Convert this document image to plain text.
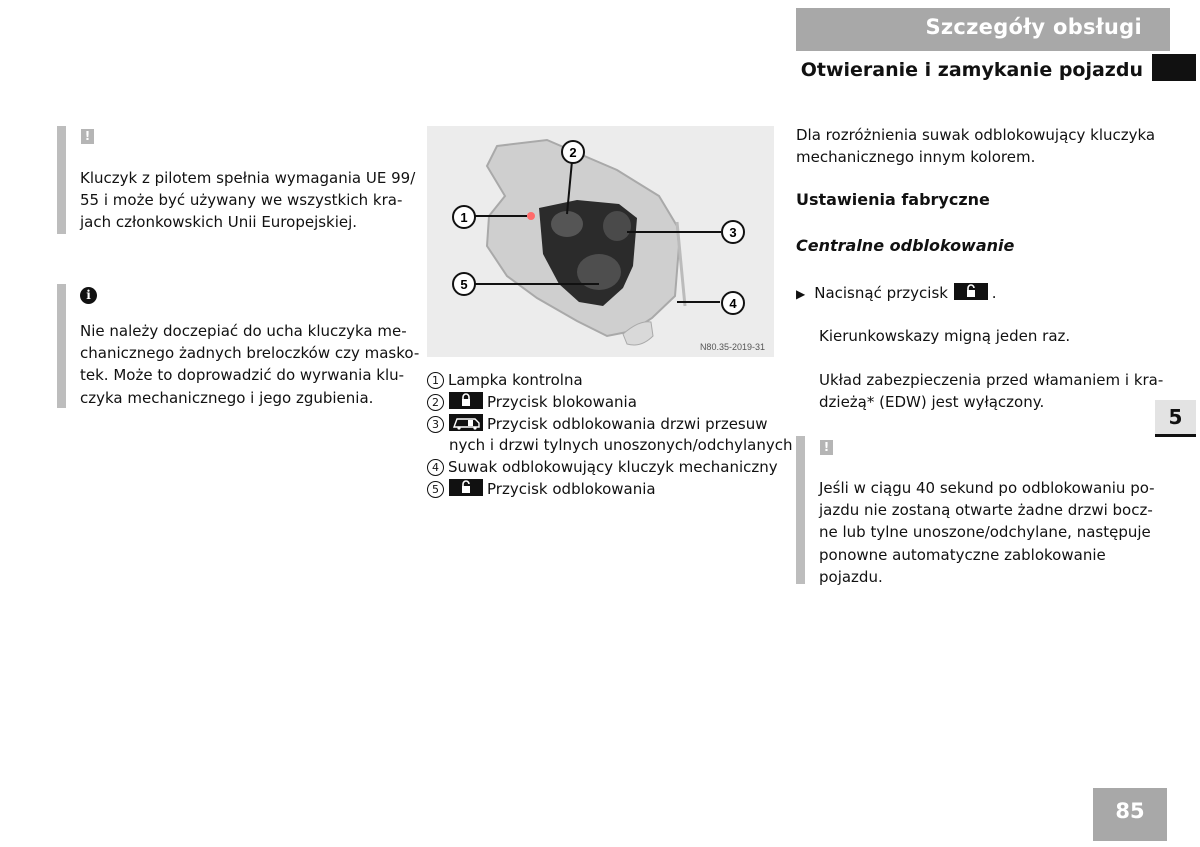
Szczegóły obsługi
Otwieranie i zamykanie pojazdu
!
Kluczyk z pilotem spełnia wymagania UE 99/
55 i może być używany we wszystkich kra-
jach członkowskich Unii Europejskiej.
i
Nie należy doczepiać do ucha kluczyka me-
chanicznego żadnych breloczków czy masko-
tek. Może to doprowadzić do wyrwania klu-
czyka mechanicznego i jego zgubienia.
1
2
3
4
5
N80.35-2019-31
1 Lampka kontrolna
2	Przycisk blokowania
3	Przycisk odblokowania drzwi przesuw
nych i drzwi tylnych unoszonych/odchylanych
4 Suwak odblokowujący kluczyk mechaniczny
5	Przycisk odblokowania
Dla rozróżnienia suwak odblokowujący kluczyka
mechanicznego innym kolorem.
Ustawienia fabryczne
Centralne odblokowanie
▶ Nacisnąć przycisk	.
Kierunkowskazy migną jeden raz.
Układ zabezpieczenia przed włamaniem i kra-
dzieżą* (EDW) jest wyłączony.
!
Jeśli w ciągu 40 sekund po odblokowaniu po-
jazdu nie zostaną otwarte żadne drzwi bocz-
ne lub tylne unoszone/odchylane, następuje
ponowne automatyczne zablokowanie
pojazdu.
5
85
